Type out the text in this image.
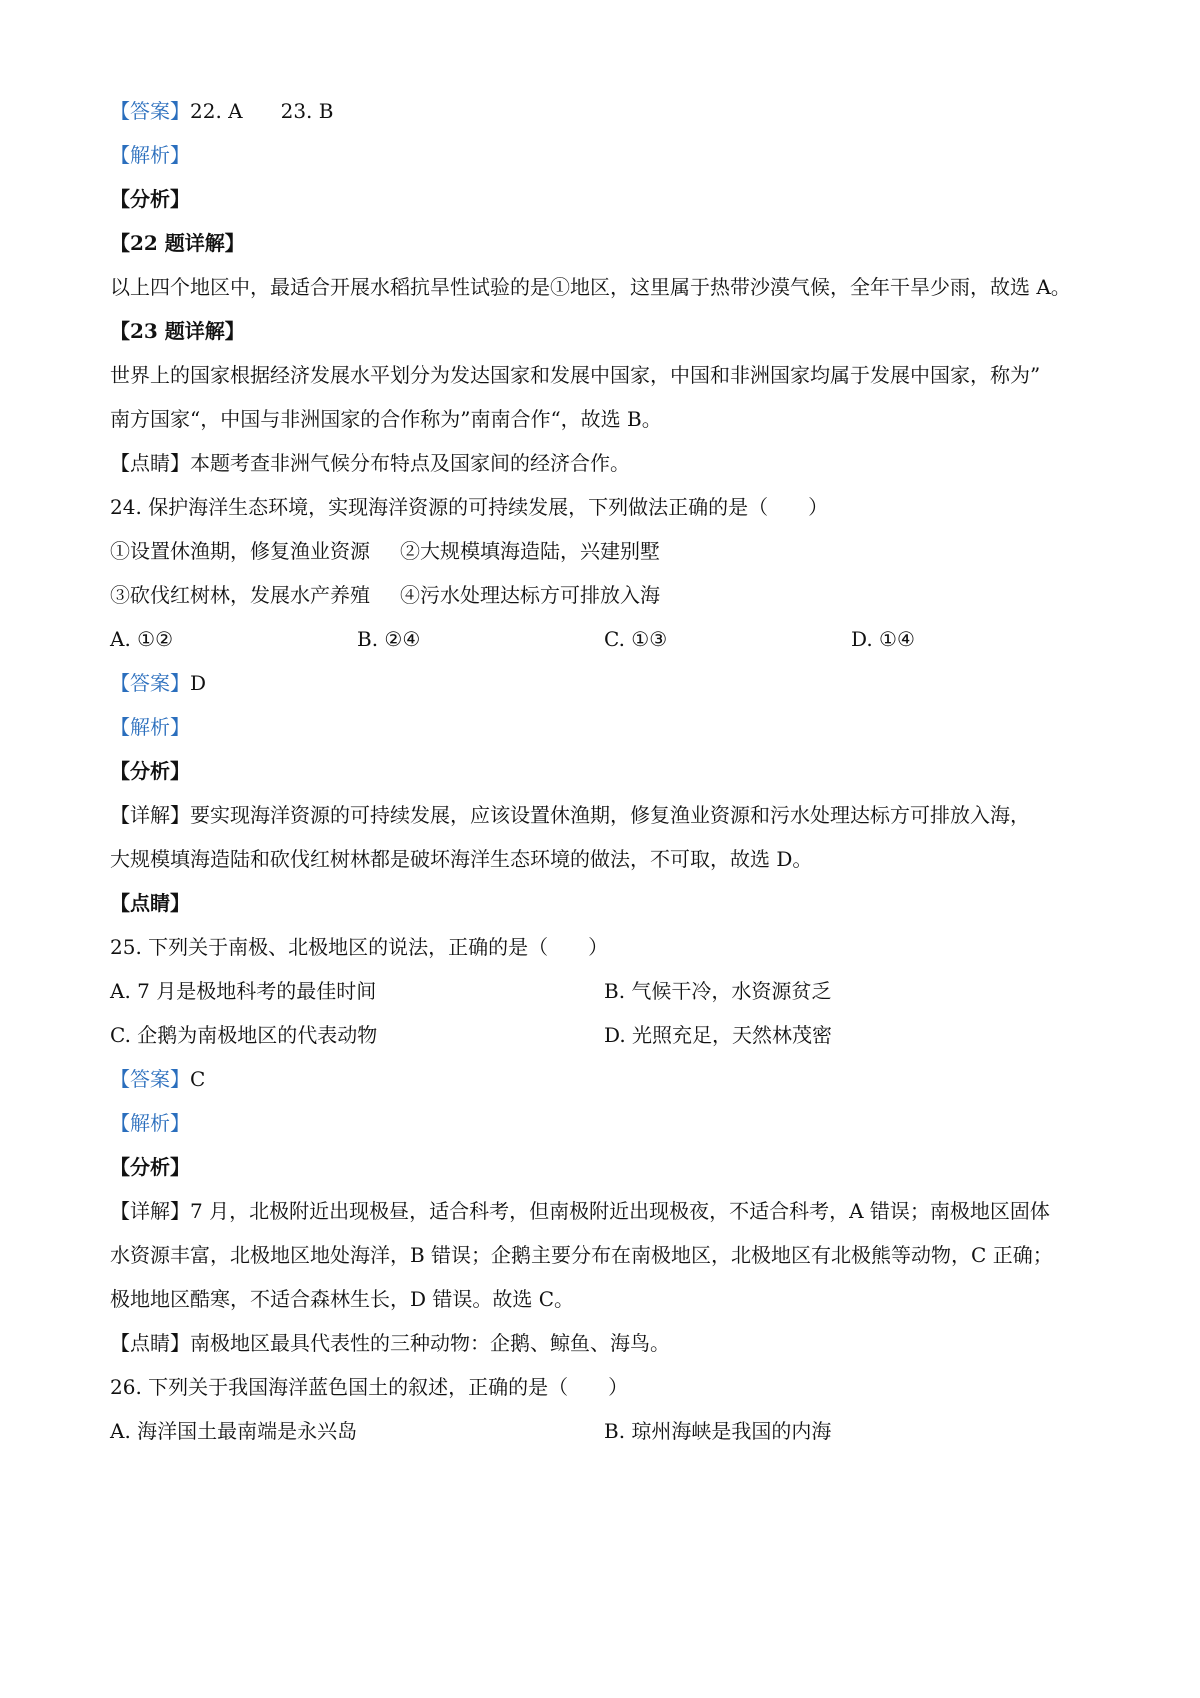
【答案】22. A 23. B
【解析】
【分析】
【22 题详解】
以上四个地区中，最适合开展水稻抗旱性试验的是①地区，这里属于热带沙漠气候，全年干旱少雨，故选 A。
【23 题详解】
世界上的国家根据经济发展水平划分为发达国家和发展中国家，中国和非洲国家均属于发展中国家，称为”
南方国家“，中国与非洲国家的合作称为”南南合作“，故选 B。
【点睛】本题考查非洲气候分布特点及国家间的经济合作。
24. 保护海洋生态环境，实现海洋资源的可持续发展，下列做法正确的是（　　）
①设置休渔期，修复渔业资源 ②大规模填海造陆，兴建别墅
③砍伐红树林，发展水产养殖 ④污水处理达标方可排放入海
A. ①②	B. ②④	C. ①③	D. ①④
【答案】D
【解析】
【分析】
【详解】要实现海洋资源的可持续发展，应该设置休渔期，修复渔业资源和污水处理达标方可排放入海，
大规模填海造陆和砍伐红树林都是破坏海洋生态环境的做法，不可取，故选 D。
【点睛】
25. 下列关于南极、北极地区的说法，正确的是（　　）
A. 7 月是极地科考的最佳时间	B. 气候干冷，水资源贫乏
C. 企鹅为南极地区的代表动物	D. 光照充足，天然林茂密
【答案】C
【解析】
【分析】
【详解】7 月，北极附近出现极昼，适合科考，但南极附近出现极夜，不适合科考，A 错误；南极地区固体
水资源丰富，北极地区地处海洋，B 错误；企鹅主要分布在南极地区，北极地区有北极熊等动物，C 正确；
极地地区酷寒，不适合森林生长，D 错误。故选 C。
【点睛】南极地区最具代表性的三种动物：企鹅、鲸鱼、海鸟。
26. 下列关于我国海洋蓝色国土的叙述，正确的是（　　）
A. 海洋国土最南端是永兴岛	B. 琼州海峡是我国的内海
